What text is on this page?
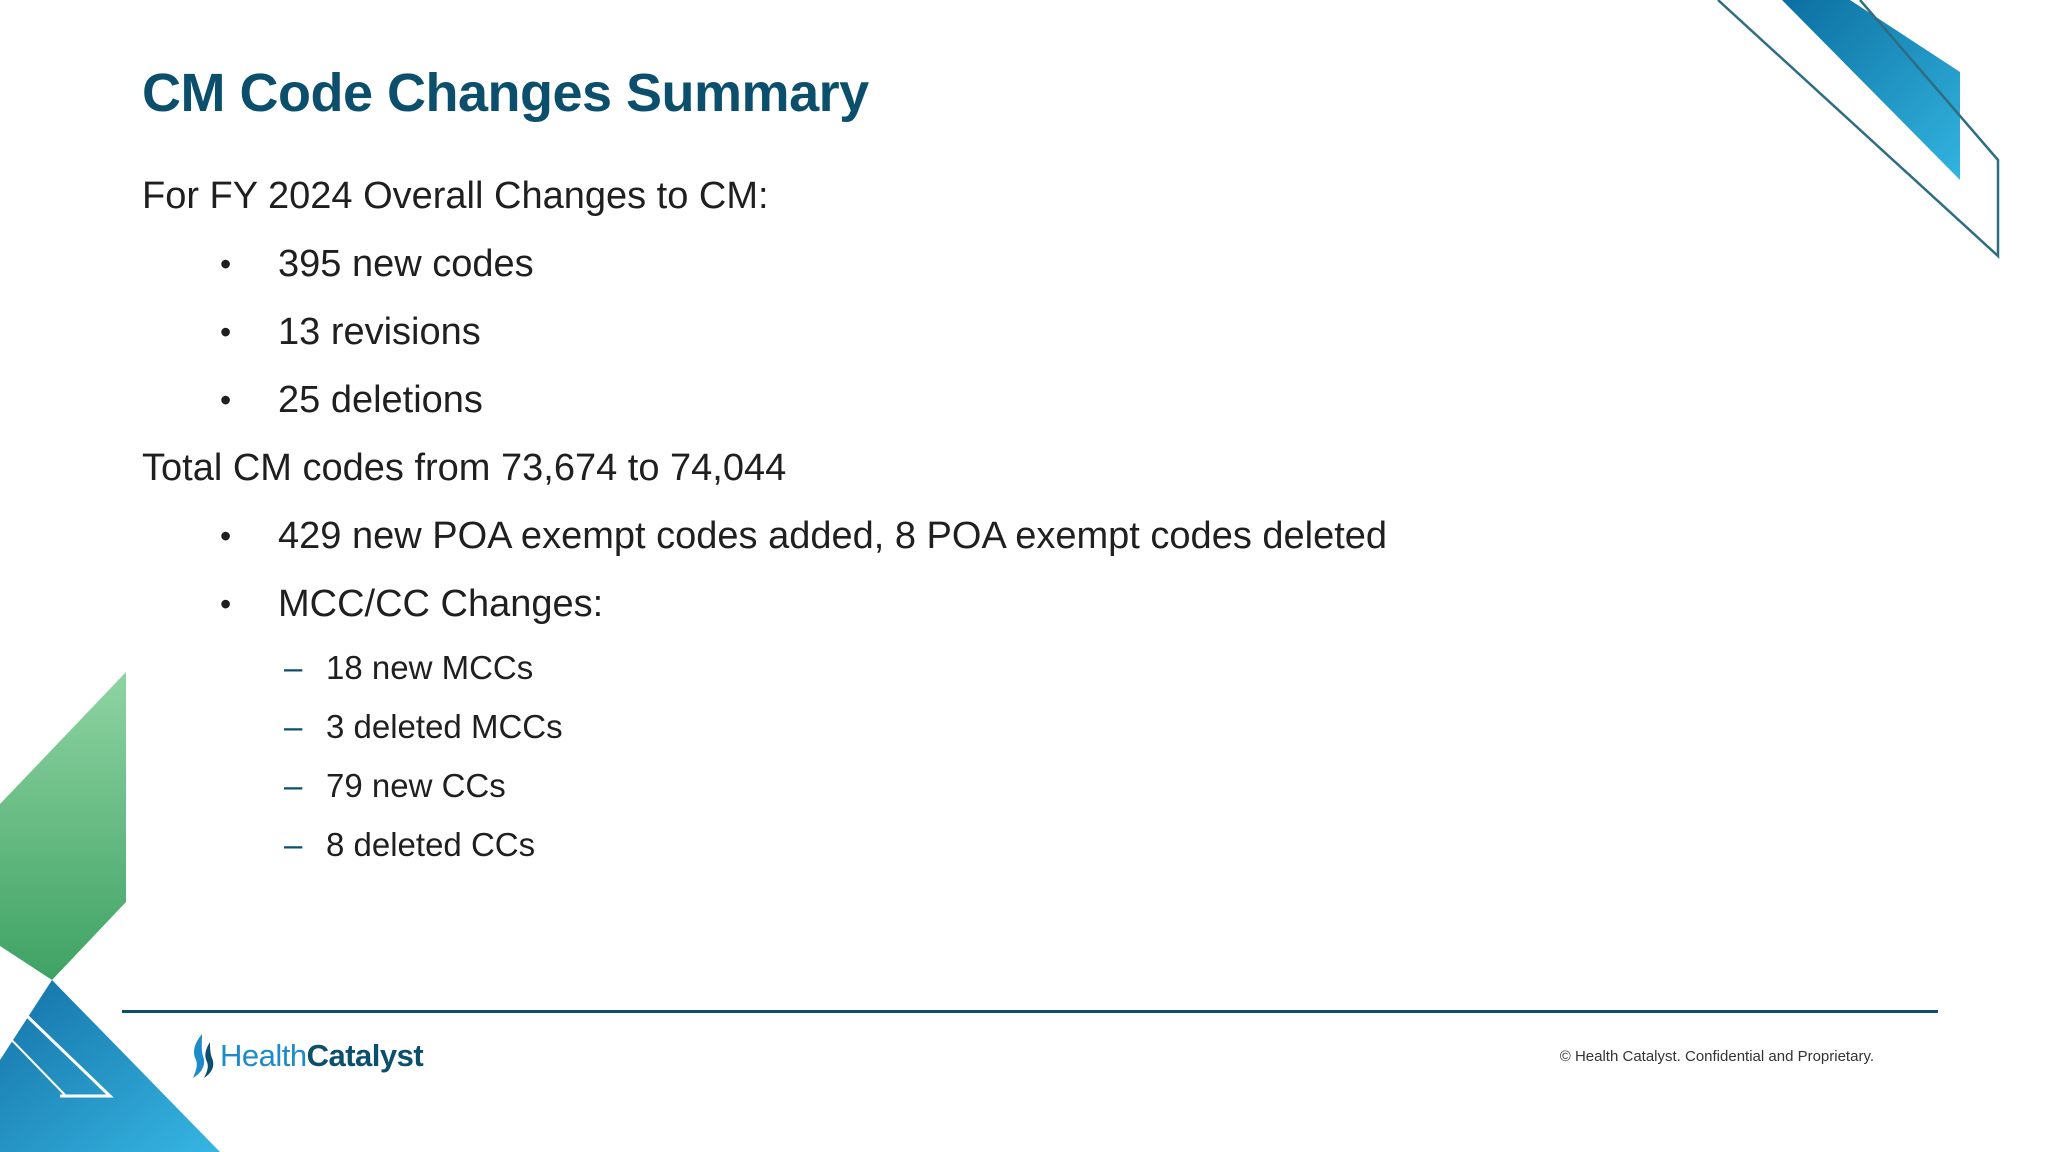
CM Code Changes Summary
For FY 2024 Overall Changes to CM:
• 395 new codes
• 13 revisions
• 25 deletions
Total CM codes from 73,674 to 74,044
• 429 new POA exempt codes added, 8 POA exempt codes deleted
• MCC/CC Changes:
– 18 new MCCs
– 3 deleted MCCs
– 79 new CCs
– 8 deleted CCs
HealthCatalyst	© Health Catalyst. Confidential and Proprietary.
